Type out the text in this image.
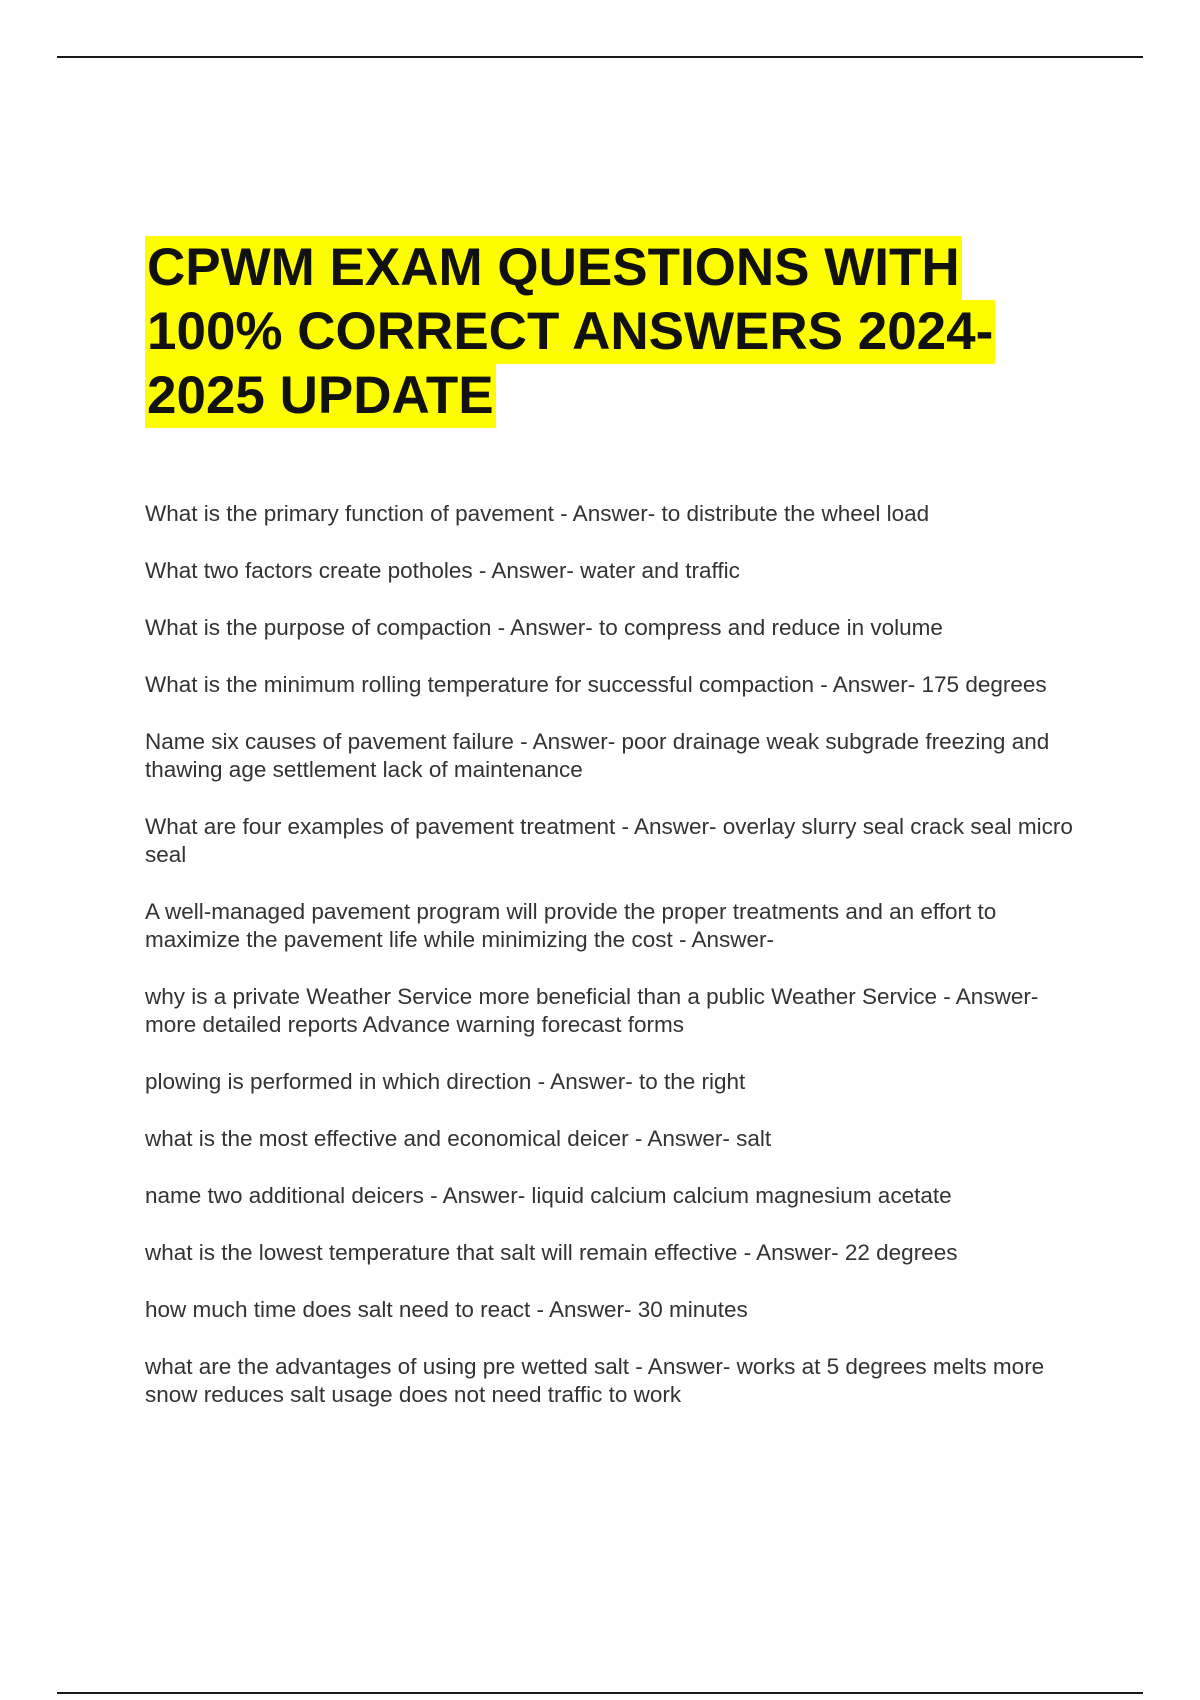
CPWM EXAM QUESTIONS WITH
100% CORRECT ANSWERS 2024-
2025 UPDATE

What is the primary function of pavement - Answer- to distribute the wheel load

What two factors create potholes - Answer- water and traffic

What is the purpose of compaction - Answer- to compress and reduce in volume

What is the minimum rolling temperature for successful compaction - Answer- 175 degrees

Name six causes of pavement failure - Answer- poor drainage weak subgrade freezing and thawing age settlement lack of maintenance

What are four examples of pavement treatment - Answer- overlay slurry seal crack seal micro seal

A well-managed pavement program will provide the proper treatments and an effort to maximize the pavement life while minimizing the cost - Answer-

why is a private Weather Service more beneficial than a public Weather Service - Answer- more detailed reports Advance warning forecast forms

plowing is performed in which direction - Answer- to the right

what is the most effective and economical deicer - Answer- salt

name two additional deicers - Answer- liquid calcium calcium magnesium acetate

what is the lowest temperature that salt will remain effective - Answer- 22 degrees

how much time does salt need to react - Answer- 30 minutes

what are the advantages of using pre wetted salt - Answer- works at 5 degrees melts more snow reduces salt usage does not need traffic to work
